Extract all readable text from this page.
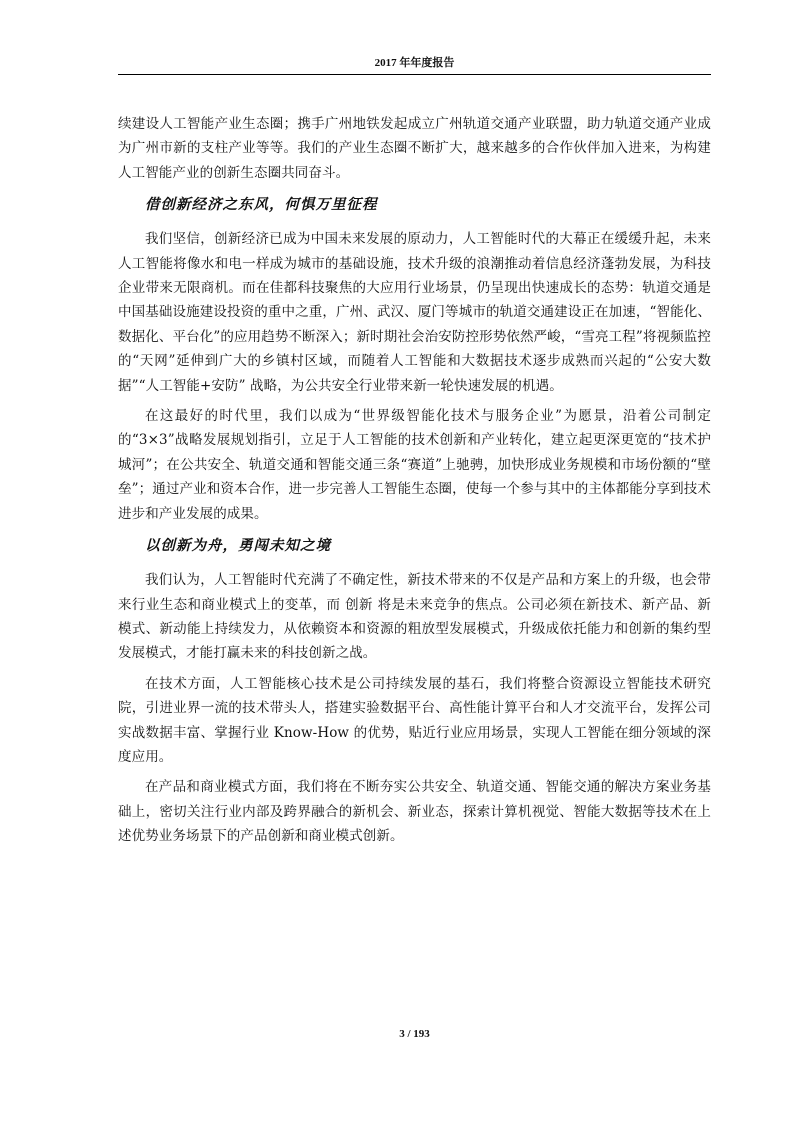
2017 年年度报告

续建设人工智能产业生态圈；携手广州地铁发起成立广州轨道交通产业联盟，助力轨道交通产业成为广州市新的支柱产业等等。我们的产业生态圈不断扩大，越来越多的合作伙伴加入进来，为构建人工智能产业的创新生态圈共同奋斗。

借创新经济之东风，何惧万里征程

我们坚信，创新经济已成为中国未来发展的原动力，人工智能时代的大幕正在缓缓升起，未来人工智能将像水和电一样成为城市的基础设施，技术升级的浪潮推动着信息经济蓬勃发展，为科技企业带来无限商机。而在佳都科技聚焦的大应用行业场景，仍呈现出快速成长的态势：轨道交通是中国基础设施建设投资的重中之重，广州、武汉、厦门等城市的轨道交通建设正在加速，“智能化、数据化、平台化”的应用趋势不断深入；新时期社会治安防控形势依然严峻，“雪亮工程”将视频监控的“天网”延伸到广大的乡镇村区域，而随着人工智能和大数据技术逐步成熟而兴起的“公安大数据”“人工智能+安防” 战略，为公共安全行业带来新一轮快速发展的机遇。

在这最好的时代里，我们以成为“世界级智能化技术与服务企业”为愿景，沿着公司制定的“3×3”战略发展规划指引，立足于人工智能的技术创新和产业转化，建立起更深更宽的“技术护城河”；在公共安全、轨道交通和智能交通三条“赛道”上驰骋，加快形成业务规模和市场份额的“壁垒”；通过产业和资本合作，进一步完善人工智能生态圈，使每一个参与其中的主体都能分享到技术进步和产业发展的成果。

以创新为舟，勇闯未知之境

我们认为，人工智能时代充满了不确定性，新技术带来的不仅是产品和方案上的升级，也会带来行业生态和商业模式上的变革，而 创新 将是未来竞争的焦点。公司必须在新技术、新产品、新模式、新动能上持续发力，从依赖资本和资源的粗放型发展模式，升级成依托能力和创新的集约型发展模式，才能打赢未来的科技创新之战。

在技术方面，人工智能核心技术是公司持续发展的基石，我们将整合资源设立智能技术研究院，引进业界一流的技术带头人，搭建实验数据平台、高性能计算平台和人才交流平台，发挥公司实战数据丰富、掌握行业 Know-How 的优势，贴近行业应用场景，实现人工智能在细分领域的深度应用。

在产品和商业模式方面，我们将在不断夯实公共安全、轨道交通、智能交通的解决方案业务基础上，密切关注行业内部及跨界融合的新机会、新业态，探索计算机视觉、智能大数据等技术在上述优势业务场景下的产品创新和商业模式创新。

3 / 193
